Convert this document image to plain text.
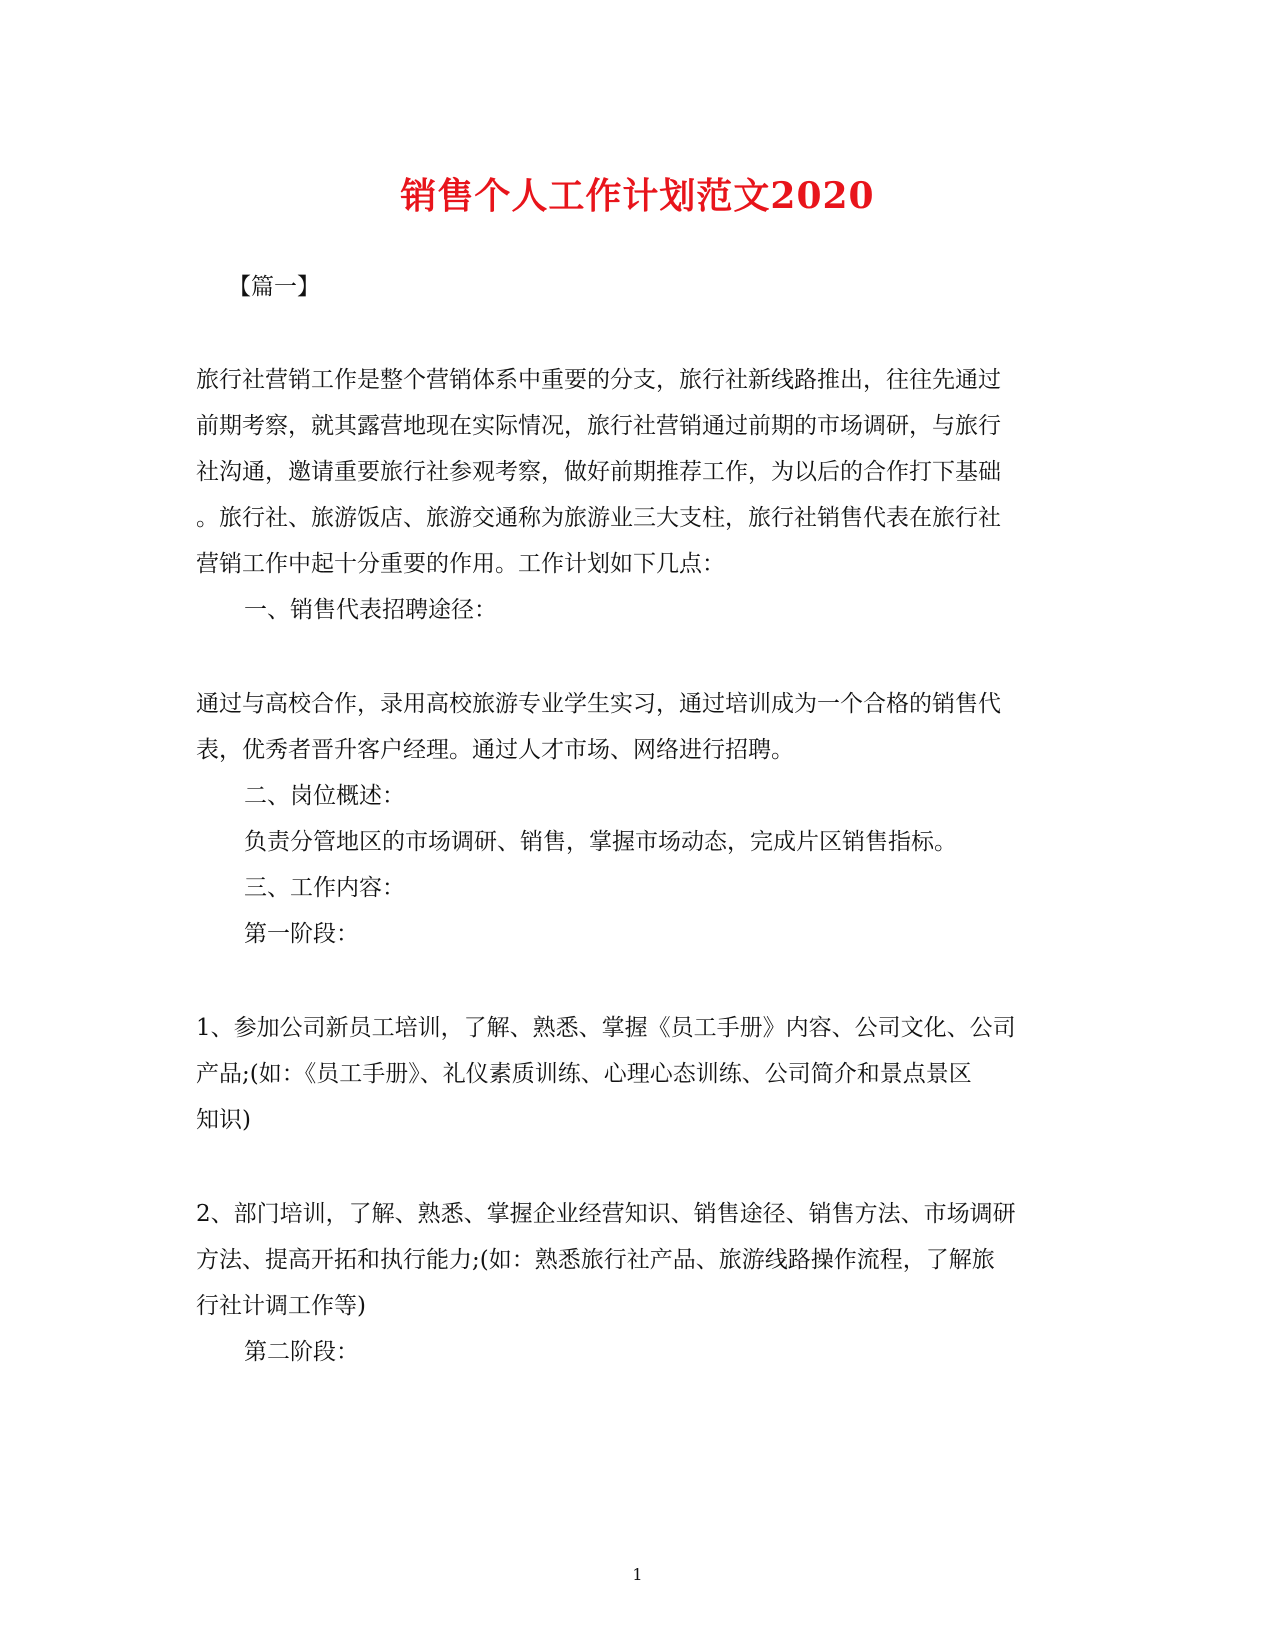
销售个人工作计划范文2020
【篇一】
旅行社营销工作是整个营销体系中重要的分支，旅行社新线路推出，往往先通过
前期考察，就其露营地现在实际情况，旅行社营销通过前期的市场调研，与旅行
社沟通，邀请重要旅行社参观考察，做好前期推荐工作，为以后的合作打下基础
。旅行社、旅游饭店、旅游交通称为旅游业三大支柱，旅行社销售代表在旅行社
营销工作中起十分重要的作用。工作计划如下几点：
一、销售代表招聘途径：
通过与高校合作，录用高校旅游专业学生实习，通过培训成为一个合格的销售代
表，优秀者晋升客户经理。通过人才市场、网络进行招聘。
二、岗位概述：
负责分管地区的市场调研、销售，掌握市场动态，完成片区销售指标。
三、工作内容：
第一阶段：
1、参加公司新员工培训，了解、熟悉、掌握《员工手册》内容、公司文化、公司
产品;(如：《员工手册》、礼仪素质训练、心理心态训练、公司简介和景点景区
知识)
2、部门培训，了解、熟悉、掌握企业经营知识、销售途径、销售方法、市场调研
方法、提高开拓和执行能力;(如：熟悉旅行社产品、旅游线路操作流程，了解旅
行社计调工作等)
第二阶段：
1
